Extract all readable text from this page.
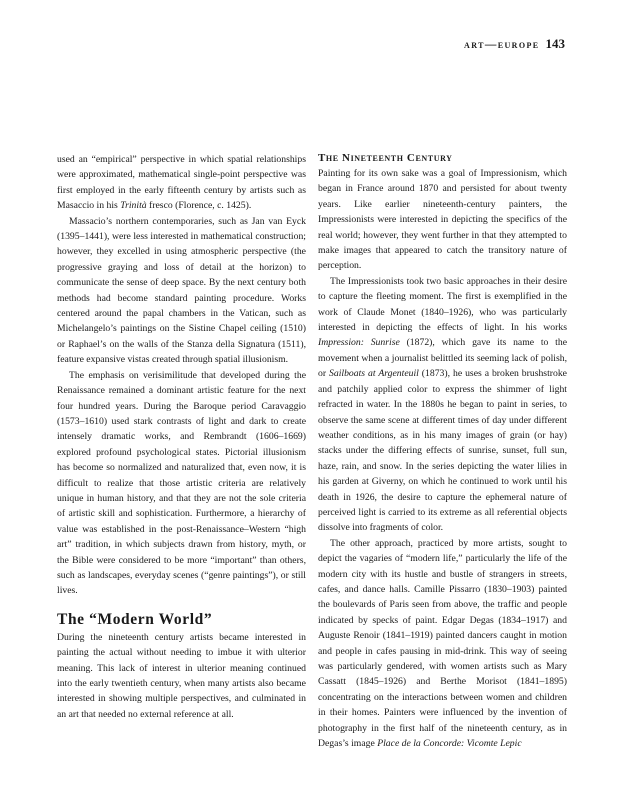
art—europe 143

used an “empirical” perspective in which spatial relationships were approximated, mathematical single-point perspective was first employed in the early fifteenth century by artists such as Masaccio in his Trinità fresco (Florence, c. 1425).

Massacio’s northern contemporaries, such as Jan van Eyck (1395–1441), were less interested in mathematical construction; however, they excelled in using atmospheric perspective (the progressive graying and loss of detail at the horizon) to communicate the sense of deep space. By the next century both methods had become standard painting procedure. Works centered around the papal chambers in the Vatican, such as Michelangelo’s paintings on the Sistine Chapel ceiling (1510) or Raphael’s on the walls of the Stanza della Signatura (1511), feature expansive vistas created through spatial illusionism.

The emphasis on verisimilitude that developed during the Renaissance remained a dominant artistic feature for the next four hundred years. During the Baroque period Caravaggio (1573–1610) used stark contrasts of light and dark to create intensely dramatic works, and Rembrandt (1606–1669) explored profound psychological states. Pictorial illusionism has become so normalized and naturalized that, even now, it is difficult to realize that those artistic criteria are relatively unique in human history, and that they are not the sole criteria of artistic skill and sophistication. Furthermore, a hierarchy of value was established in the post-Renaissance–Western “high art” tradition, in which subjects drawn from history, myth, or the Bible were considered to be more “important” than others, such as landscapes, everyday scenes (“genre paintings”), or still lives.

The “Modern World”

During the nineteenth century artists became interested in painting the actual without needing to imbue it with ulterior meaning. This lack of interest in ulterior meaning continued into the early twentieth century, when many artists also became interested in showing multiple perspectives, and culminated in an art that needed no external reference at all.

The Nineteenth Century

Painting for its own sake was a goal of Impressionism, which began in France around 1870 and persisted for about twenty years. Like earlier nineteenth-century painters, the Impressionists were interested in depicting the specifics of the real world; however, they went further in that they attempted to make images that appeared to catch the transitory nature of perception.

The Impressionists took two basic approaches in their desire to capture the fleeting moment. The first is exemplified in the work of Claude Monet (1840–1926), who was particularly interested in depicting the effects of light. In his works Impression: Sunrise (1872), which gave its name to the movement when a journalist belittled its seeming lack of polish, or Sailboats at Argenteuil (1873), he uses a broken brushstroke and patchily applied color to express the shimmer of light refracted in water. In the 1880s he began to paint in series, to observe the same scene at different times of day under different weather conditions, as in his many images of grain (or hay) stacks under the differing effects of sunrise, sunset, full sun, haze, rain, and snow. In the series depicting the water lilies in his garden at Giverny, on which he continued to work until his death in 1926, the desire to capture the ephemeral nature of perceived light is carried to its extreme as all referential objects dissolve into fragments of color.

The other approach, practiced by more artists, sought to depict the vagaries of “modern life,” particularly the life of the modern city with its hustle and bustle of strangers in streets, cafes, and dance halls. Camille Pissarro (1830–1903) painted the boulevards of Paris seen from above, the traffic and people indicated by specks of paint. Edgar Degas (1834–1917) and Auguste Renoir (1841–1919) painted dancers caught in motion and people in cafes pausing in mid-drink. This way of seeing was particularly gendered, with women artists such as Mary Cassatt (1845–1926) and Berthe Morisot (1841–1895) concentrating on the interactions between women and children in their homes. Painters were influenced by the invention of photography in the first half of the nineteenth century, as in Degas’s image Place de la Concorde: Vicomte Lepic
